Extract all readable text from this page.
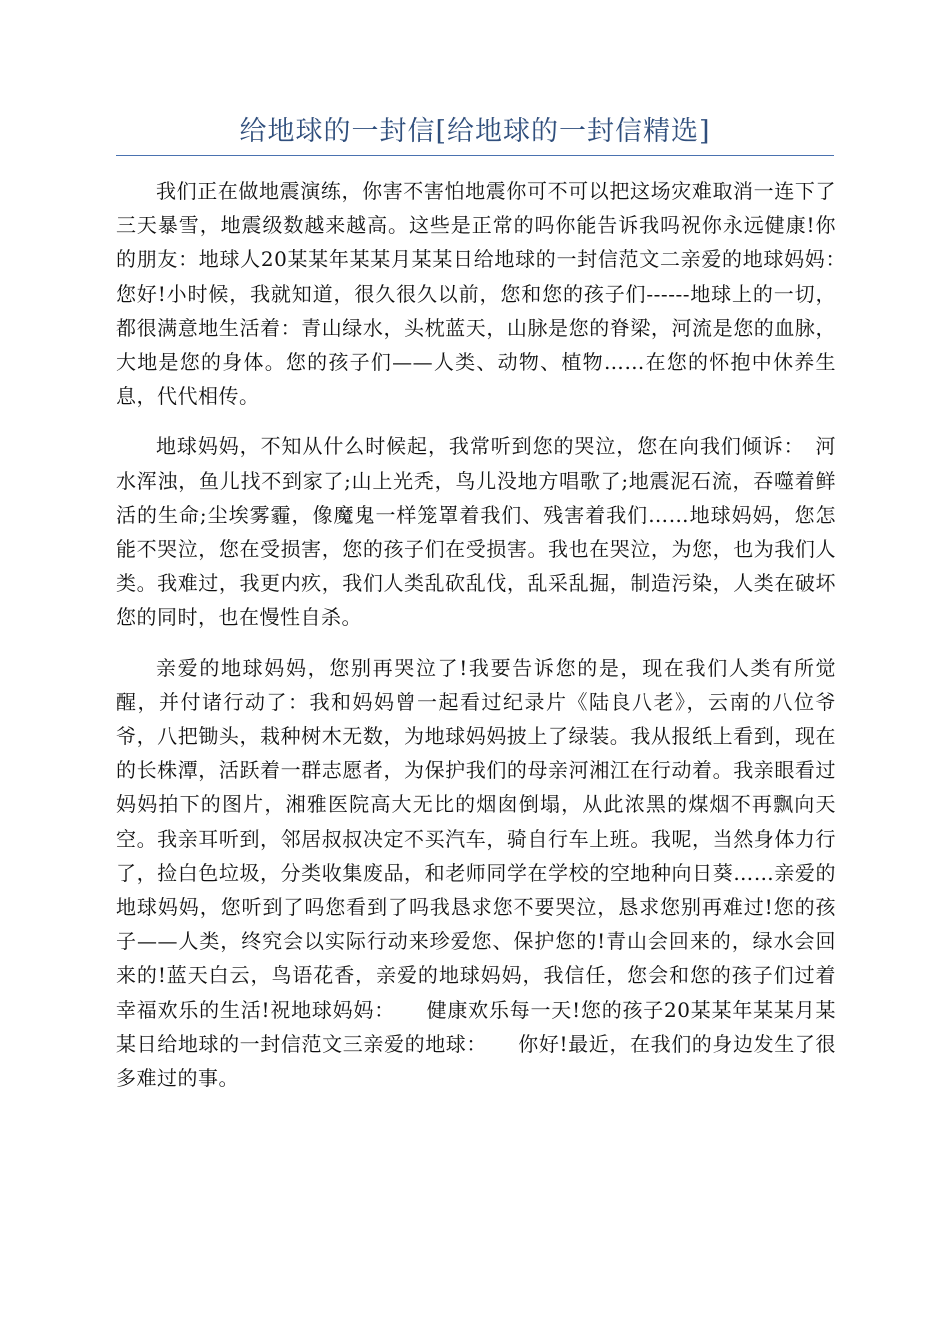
给地球的一封信[给地球的一封信精选]

我们正在做地震演练，你害不害怕地震你可不可以把这场灾难取消一连下了三天暴雪，地震级数越来越高。这些是正常的吗你能告诉我吗祝你永远健康!你的朋友：地球人20某某年某某月某某日给地球的一封信范文二亲爱的地球妈妈：　　您好!小时候，我就知道，很久很久以前，您和您的孩子们------地球上的一切，都很满意地生活着：青山绿水，头枕蓝天，山脉是您的脊梁，河流是您的血脉，大地是您的身体。您的孩子们——人类、动物、植物……在您的怀抱中休养生息，代代相传。

地球妈妈，不知从什么时候起，我常听到您的哭泣，您在向我们倾诉：　河水浑浊，鱼儿找不到家了;山上光秃，鸟儿没地方唱歌了;地震泥石流，吞噬着鲜活的生命;尘埃雾霾，像魔鬼一样笼罩着我们、残害着我们……地球妈妈，您怎能不哭泣，您在受损害，您的孩子们在受损害。我也在哭泣，为您，也为我们人类。我难过，我更内疚，我们人类乱砍乱伐，乱采乱掘，制造污染，人类在破坏您的同时，也在慢性自杀。

亲爱的地球妈妈，您别再哭泣了!我要告诉您的是，现在我们人类有所觉醒，并付诸行动了：我和妈妈曾一起看过纪录片《陆良八老》，云南的八位爷爷，八把锄头，栽种树木无数，为地球妈妈披上了绿装。我从报纸上看到，现在的长株潭，活跃着一群志愿者，为保护我们的母亲河湘江在行动着。我亲眼看过妈妈拍下的图片，湘雅医院高大无比的烟囱倒塌，从此浓黑的煤烟不再飘向天空。我亲耳听到，邻居叔叔决定不买汽车，骑自行车上班。我呢，当然身体力行了，捡白色垃圾，分类收集废品，和老师同学在学校的空地种向日葵……亲爱的地球妈妈，您听到了吗您看到了吗我恳求您不要哭泣，恳求您别再难过!您的孩子——人类，终究会以实际行动来珍爱您、保护您的!青山会回来的，绿水会回来的!蓝天白云，鸟语花香，亲爱的地球妈妈，我信任，您会和您的孩子们过着幸福欢乐的生活!祝地球妈妈：　　健康欢乐每一天!您的孩子20某某年某某月某某日给地球的一封信范文三亲爱的地球：　　你好!最近，在我们的身边发生了很多难过的事。
